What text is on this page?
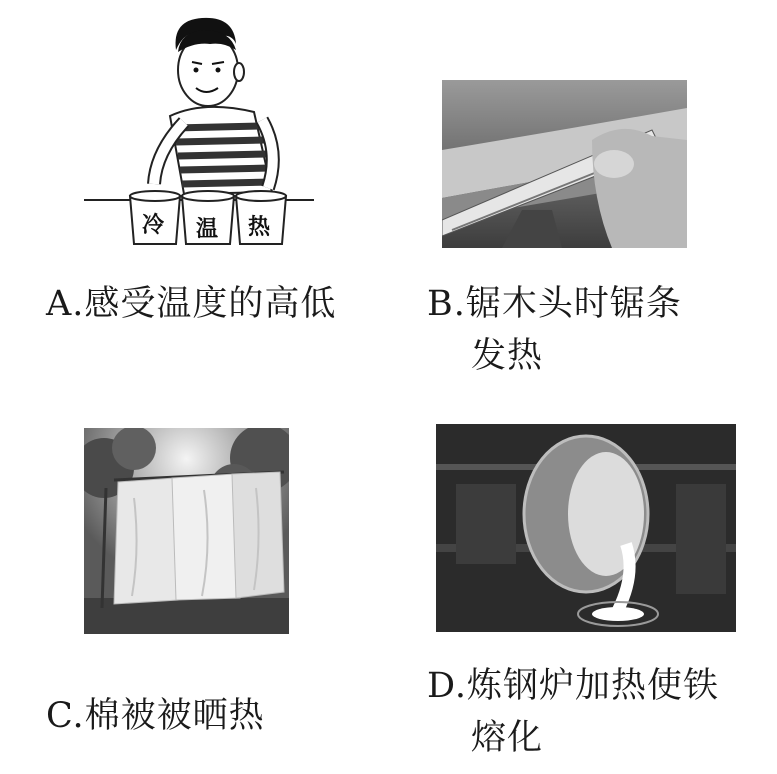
冷 温 热
A.感受温度的高低	B.锯木头时锯条
发热
C.棉被被晒热
D.炼钢炉加热使铁
熔化
